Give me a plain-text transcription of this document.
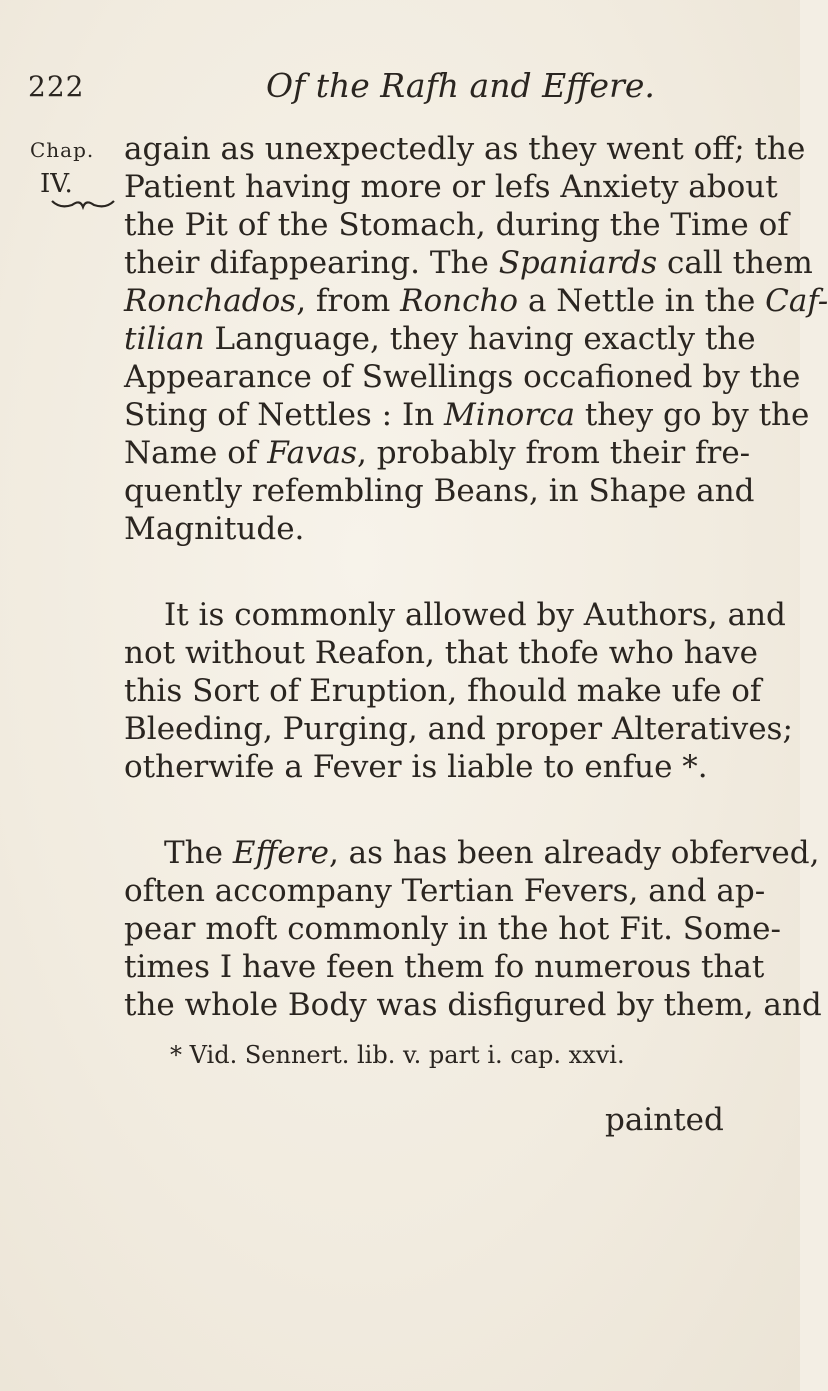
222	Of the Rafh and Effere.
Chap.
IV.
again as unexpectedly as they went off; the
Patient having more or lefs Anxiety about
the Pit of the Stomach, during the Time of
their difappearing. The Spaniards call them
Ronchados, from Roncho a Nettle in the Caf-
tilian Language, they having exactly the
Appearance of Swellings occafioned by the
Sting of Nettles : In Minorca they go by the
Name of Favas, probably from their fre-
quently refembling Beans, in Shape and
Magnitude.
It is commonly allowed by Authors, and
not without Reafon, that thofe who have
this Sort of Eruption, fhould make ufe of
Bleeding, Purging, and proper Alteratives;
otherwife a Fever is liable to enfue *.
The Effere, as has been already obferved,
often accompany Tertian Fevers, and ap-
pear moft commonly in the hot Fit. Some-
times I have feen them fo numerous that
the whole Body was disfigured by them, and
* Vid. Sennert. lib. v. part i. cap. xxvi.
painted
